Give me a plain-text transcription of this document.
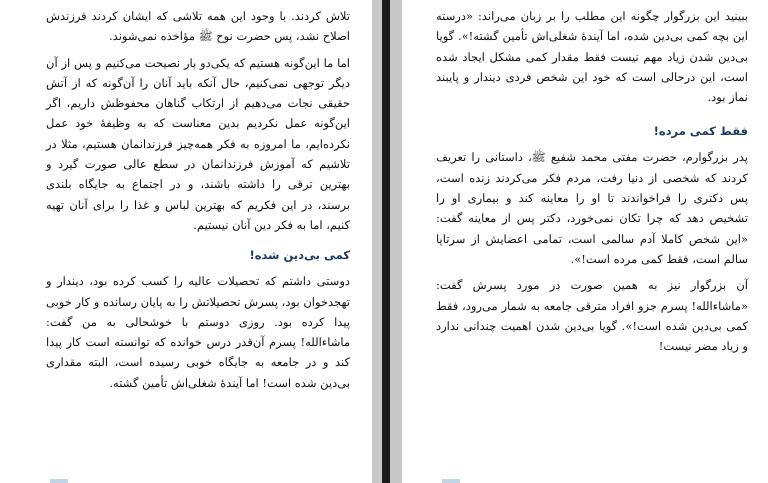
تلاش کردند. با وجود این همه تلاشی که ایشان کردند فرزندش اصلاح نشد، پس حضرت نوح ﷺ مؤاخذه نمی‌شوند.

اما ما این‌گونه هستیم که یکی‌دو بار نصیحت می‌کنیم و پس از آن دیگر توجهی نمی‌کنیم، حال آنکه باید آنان را آن‌گونه که از آتش حقیقی نجات می‌دهیم از ارتکاب گناهان محفوظش داریم، اگر این‌گونه عمل نکردیم بدین معناست که به وظیفهٔ خود عمل نکرده‌ایم، ما امروزه به فکر همه‌چیز فرزندانمان هستیم، مثلا در تلاشیم که آموزش فرزندانمان در سطع عالی صورت گیرد و بهترین ترقی را داشته باشند، و در اجتماع به جایگاه بلندی برسند، در این فکریم که بهترین لباس و غذا را برای آنان تهیه کنیم، اما به فکر دین آنان نیستیم.

کمی بی‌دین شده!

دوستی داشتم که تحصیلات عالیه را کسب کرده بود، دیندار و تهجدخوان بود، پسرش تحصیلاتش را به پایان رسانده و کار خوبی پیدا کرده بود. روزی دوستم با خوشحالی به من گفت: ماشاءالله! پسرم آن‌قدر درس خوانده که توانسته است کار پیدا کند و در جامعه به جایگاه خوبی رسیده است، البته مقداری بی‌دین شده است! اما آیندهٔ شغلی‌اش تأمین گشته.

ببینید این بزرگوار چگونه این مطلب را بر زبان می‌راند: «درسته این بچه کمی بی‌دین شده، اما آیندهٔ شغلی‌اش تأمین گشته!». گویا بی‌دین شدن زیاد مهم نیست فقط مقدار کمی مشکل ایجاد شده است، این درحالی است که خود این شخص فردی دیندار و پایبند نماز بود.

فقط کمی مرده!

پدر بزرگوارم، حضرت مفتی محمد شفیع ﷺ، داستانی را تعریف کردند که شخصی از دنیا رفت، مردم فکر می‌کردند زنده است، پس دکتری را فراخواندند تا او را معاینه کند و بیماری او را تشخیص دهد که چرا تکان نمی‌خورد، دکتر پس از معاینه گفت: «این شخص کاملا آدم سالمی است، تمامی اعضایش از سرتاپا سالم است، فقط کمی مرده است!».

آن بزرگوار نیز به همین صورت در مورد پسرش گفت: «ماشاءالله! پسرم جزو افراد مترقی جامعه به شمار می‌رود، فقط کمی بی‌دین شده است!». گویا بی‌دین شدن اهمیت چندانی ندارد و زیاد مضر نیست!
